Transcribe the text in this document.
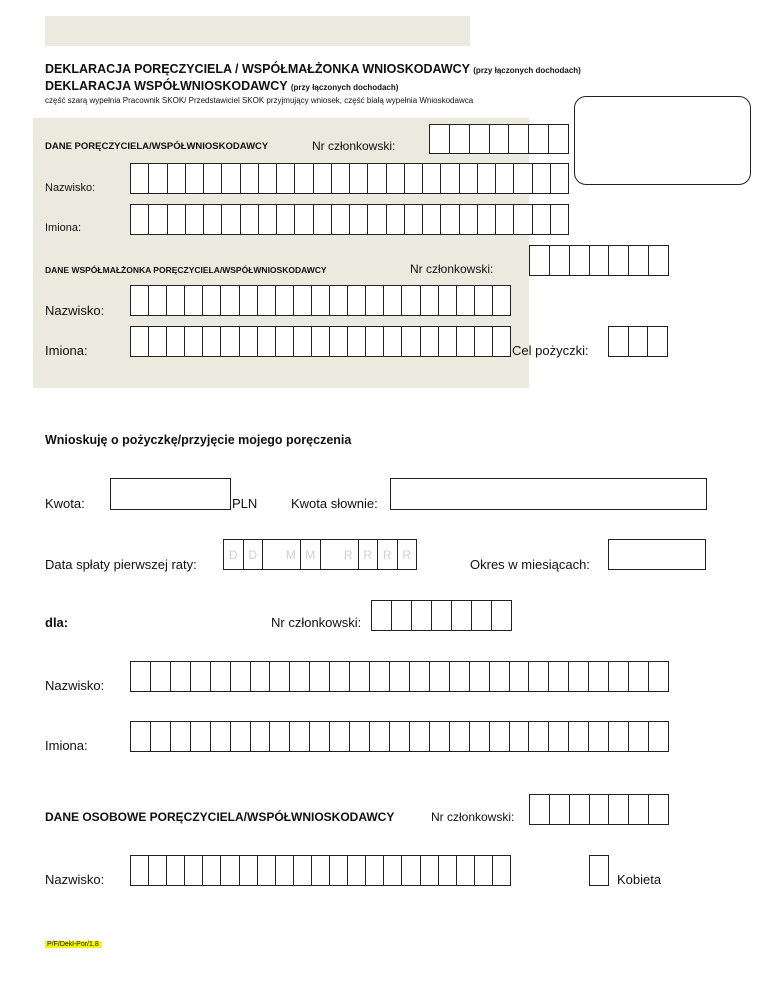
DEKLARACJA PORĘCZYCIELA / WSPÓŁMAŁŻONKA WNIOSKODAWCY (przy łączonych dochodach)
DEKLARACJA WSPÓŁWNIOSKODAWCY (przy łączonych dochodach)
część szarą wypełnia Pracownik SKOK/ Przedstawiciel SKOK przyjmujący wniosek, część białą wypełnia Wnioskodawca
DANE PORĘCZYCIELA/WSPÓŁWNIOSKODAWCY	Nr członkowski:
Nazwisko:
Imiona:
DANE WSPÓŁMAŁŻONKA PORĘCZYCIELA/WSPÓŁWNIOSKODAWCY	Nr członkowski:
Nazwisko:
Imiona:	Cel pożyczki:
Wnioskuję o pożyczkę/przyjęcie mojego poręczenia
Kwota:	PLN	Kwota słownie:
Data spłaty pierwszej raty:
D D	M M	R R R R
Okres w miesiącach:
dla:	Nr członkowski:
Nazwisko:
Imiona:
DANE OSOBOWE PORĘCZYCIELA/WSPÓŁWNIOSKODAWCY	Nr członkowski:
Nazwisko:	Kobieta
P/F/Dekl-Por/1.8
